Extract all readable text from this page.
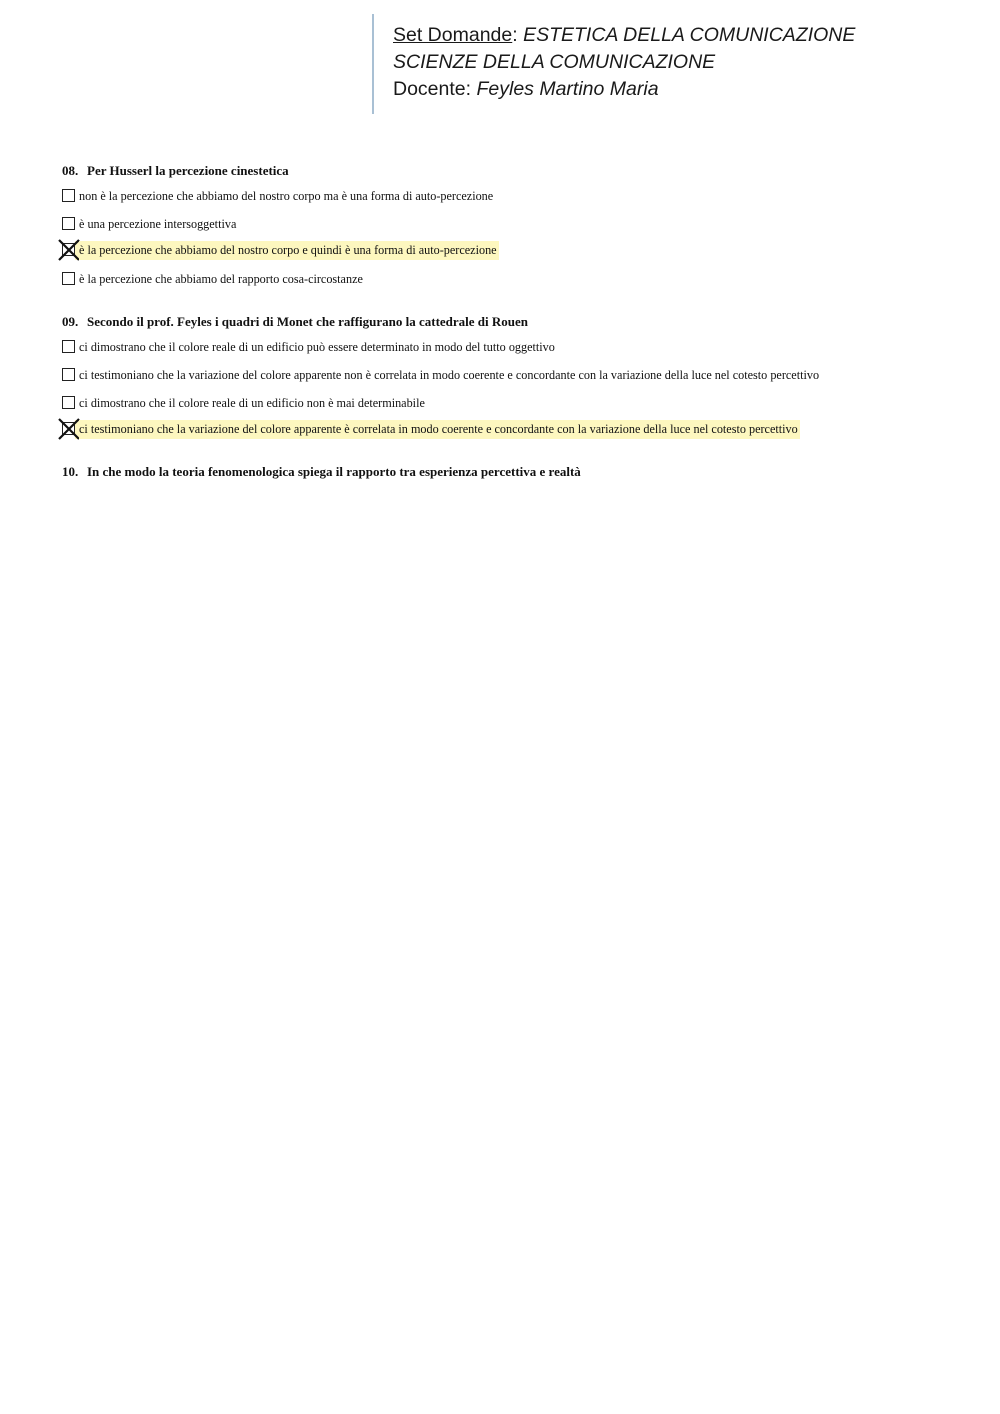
Set Domande: ESTETICA DELLA COMUNICAZIONE
SCIENZE DELLA COMUNICAZIONE
Docente: Feyles Martino Maria
08. Per Husserl la percezione cinestetica
non è la percezione che abbiamo del nostro corpo ma è una forma di auto-percezione
è una percezione intersoggettiva
è la percezione che abbiamo del nostro corpo e quindi è una forma di auto-percezione
è la percezione che abbiamo del rapporto cosa-circostanze
09. Secondo il prof. Feyles i quadri di Monet che raffigurano la cattedrale di Rouen
ci dimostrano che il colore reale di un edificio può essere determinato in modo del tutto oggettivo
ci testimoniano che la variazione del colore apparente non è correlata in modo coerente e concordante con la variazione della luce nel cotesto percettivo
ci dimostrano che il colore reale di un edificio non è mai determinabile
ci testimoniano che la variazione del colore apparente è correlata in modo coerente e concordante con la variazione della luce nel cotesto percettivo
10. In che modo la teoria fenomenologica spiega il rapporto tra esperienza percettiva e realtà
